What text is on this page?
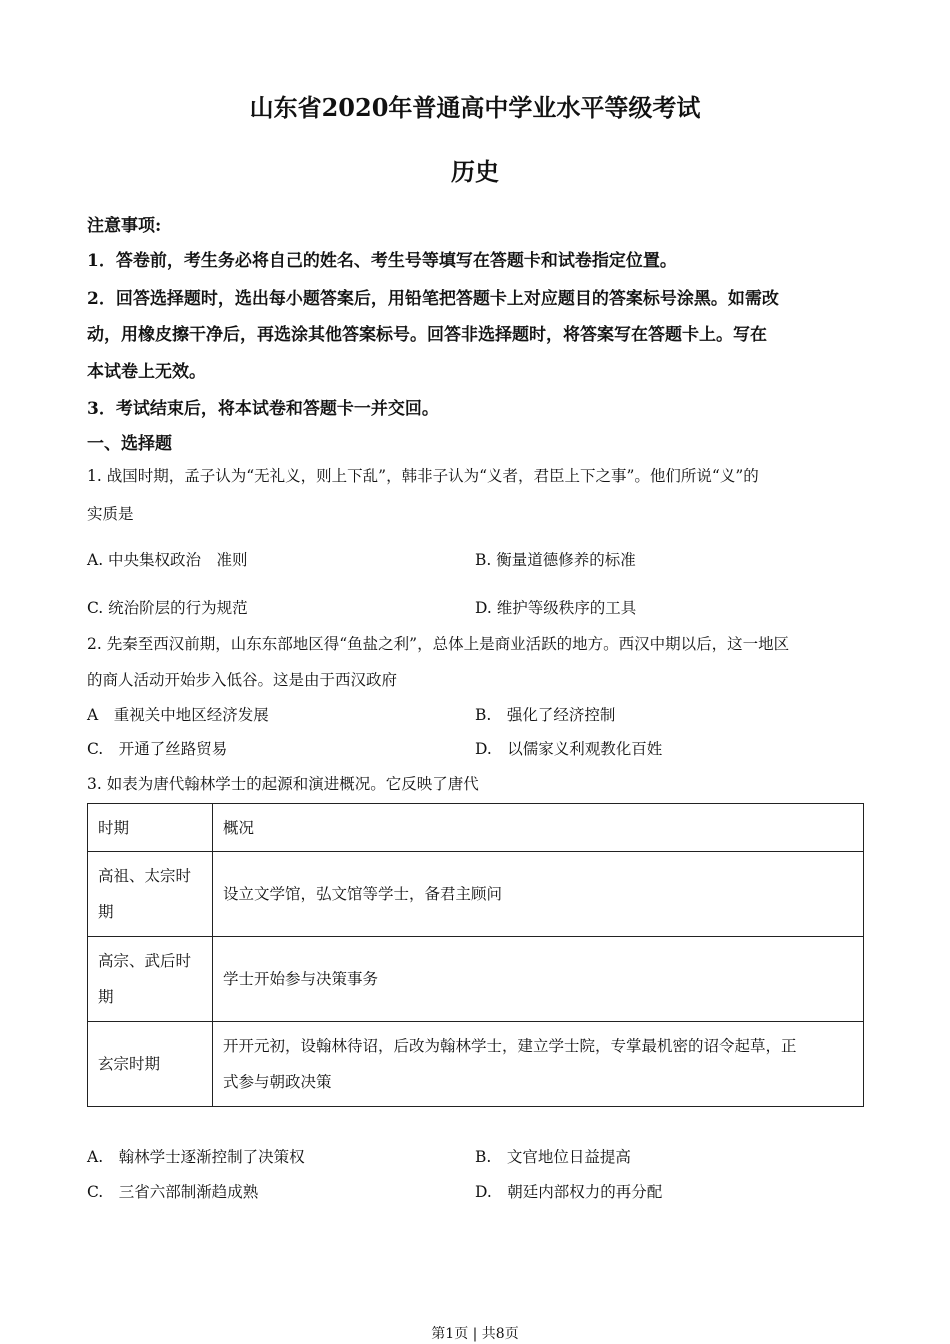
山东省2020年普通高中学业水平等级考试
历史
注意事项:
1．答卷前，考生务必将自己的姓名、考生号等填写在答题卡和试卷指定位置。
2．回答选择题时，选出每小题答案后，用铅笔把答题卡上对应题目的答案标号涂黑。如需改
动，用橡皮擦干净后，再选涂其他答案标号。回答非选择题时，将答案写在答题卡上。写在
本试卷上无效。
3．考试结束后，将本试卷和答题卡一并交回。
一、选择题
1. 战国时期，孟子认为“无礼义，则上下乱”，韩非子认为“义者，君臣上下之事”。他们所说“义”的
实质是
A. 中央集权政治　准则	B. 衡量道德修养的标准
C. 统治阶层的行为规范	D. 维护等级秩序的工具
2. 先秦至西汉前期，山东东部地区得“鱼盐之利”，总体上是商业活跃的地方。西汉中期以后，这一地区
的商人活动开始步入低谷。这是由于西汉政府
A　重视关中地区经济发展	B.　强化了经济控制
C.　开通了丝路贸易	D.　以儒家义利观教化百姓
3. 如表为唐代翰林学士的起源和演进概况。它反映了唐代
时期	概况

高祖、太宗时
期	设立文学馆，弘文馆等学士，备君主顾问

高宗、武后时
期	学士开始参与决策事务

玄宗时期	开开元初，设翰林待诏，后改为翰林学士，建立学士院，专掌最机密的诏令起草，正
式参与朝政决策
A.　翰林学士逐渐控制了决策权	B.　文官地位日益提高
C.　三省六部制渐趋成熟	D.　朝廷内部权力的再分配
第1页 | 共8页
